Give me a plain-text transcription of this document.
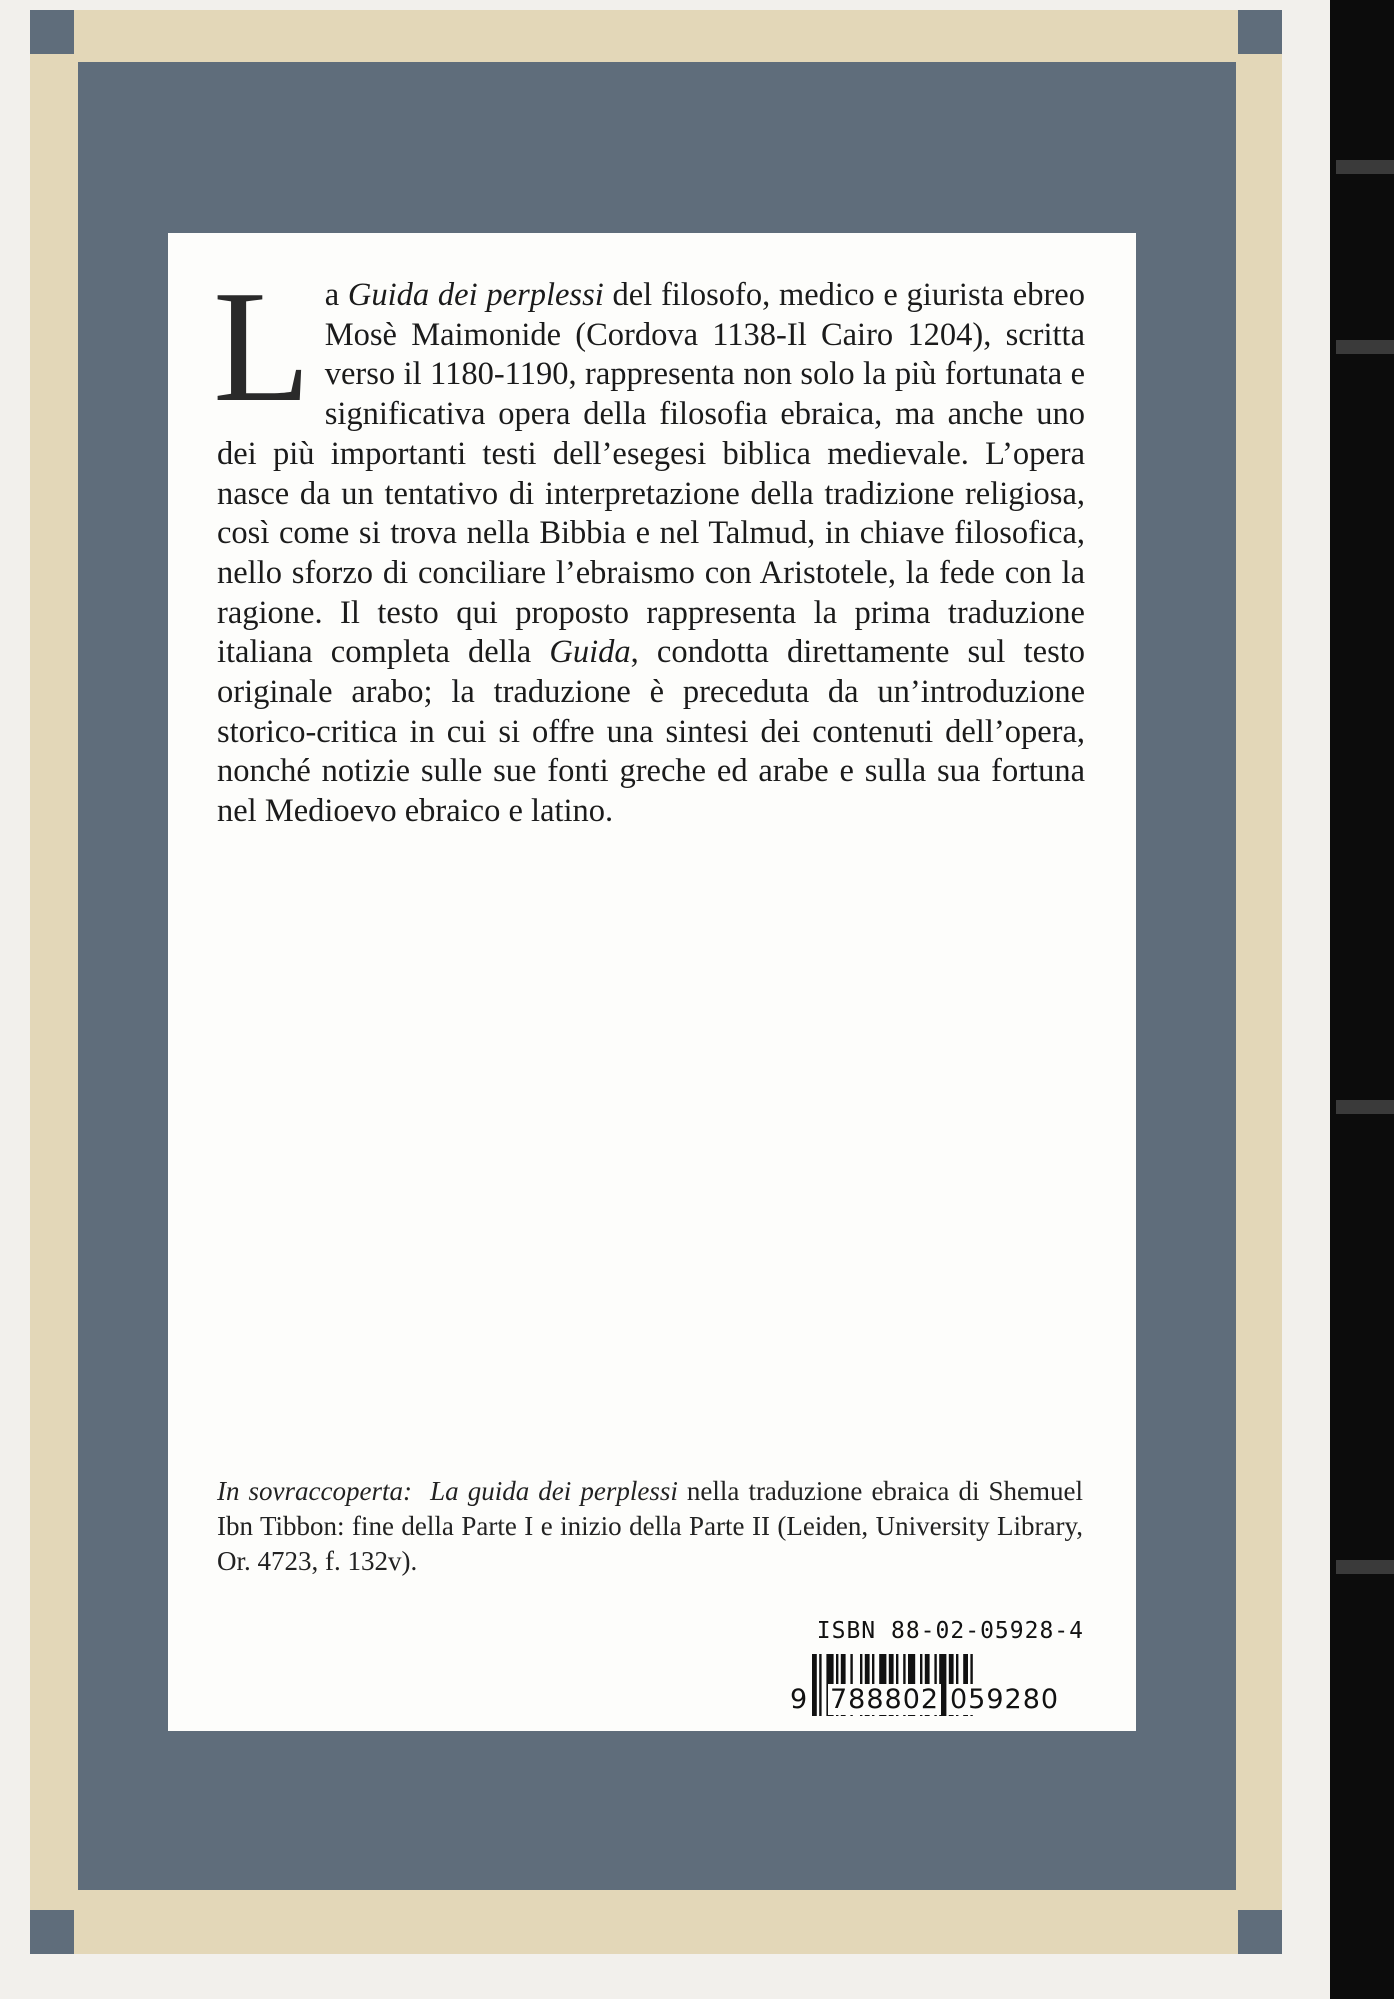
La Guida dei perplessi del filosofo, medico e giurista ebreo Mosè Maimonide (Cordova 1138-Il Cairo 1204), scritta verso il 1180-1190, rappresenta non solo la più fortunata e significativa opera della filosofia ebraica, ma anche uno dei più importanti testi dell’esegesi biblica medievale. L’opera nasce da un tentativo di interpretazione della tradizione religiosa, così come si trova nella Bibbia e nel Talmud, in chiave filosofica, nello sforzo di conciliare l’ebraismo con Aristotele, la fede con la ragione. Il testo qui proposto rappresenta la prima traduzione italiana completa della Guida, condotta direttamente sul testo originale arabo; la traduzione è preceduta da un’introduzione storico-critica in cui si offre una sintesi dei contenuti dell’opera, nonché notizie sulle sue fonti greche ed arabe e sulla sua fortuna nel Medioevo ebraico e latino.

In sovraccoperta: La guida dei perplessi nella traduzione ebraica di Shemuel Ibn Tibbon: fine della Parte I e inizio della Parte II (Leiden, University Library, Or. 4723, f. 132v).
ISBN 88-02-05928-4
9 788802 059280
